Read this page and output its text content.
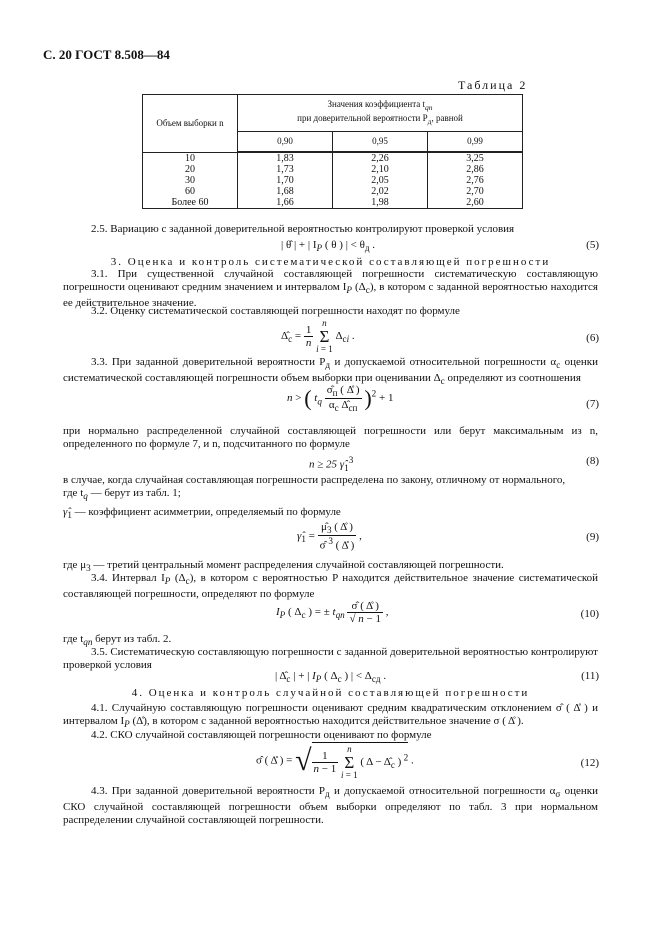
С. 20 ГОСТ 8.508—84
Таблица 2
Объем выборки n	Значения коэффициента $t_{qn}$
при доверительной вероятности $P_д$, равной		
	0,90	0,95	0,99
10	1,83	2,26	3,25
20	1,73	2,10	2,86
30	1,70	2,05	2,76
60	1,68	2,02	2,70
Более 60	1,66	1,98	2,60
2.5. Вариацию с заданной доверительной вероятностью контролируют проверкой условия
| θ̂ | + | $I_P$ ( θ ) | < $\theta_д$ .	(5)
3. Оценка и контроль систематической составляющей погрешности
3.1. При существенной случайной составляющей погрешности систематическую составляющую погрешности оценивают средним значением и интервалом $I_P$ $(\Delta_c)$, в котором с заданной вероятностью находится ее действительное значение.
3.2. Оценку систематической составляющей погрешности находят по формуле
$\Deltâ_c = \frac{1}{n}$
n
Σ
i = 1 $\Delta_{ci}$ .	(6)
3.3. При заданной доверительной вероятности $P_д$ и допускаемой относительной погрешности $\alpha_c$ оценки систематической составляющей погрешности объем выборки при оценивании $\Delta_c$ определяют из соотношения
n > ( $t_q \frac{\sigmâ_п ( \Deltå )}{\alpha_c \Deltâ_{cп}} )^2 + 1$	(7)
при нормально распределенной случайной составляющей погрешности или берут максимальным из n, определенного по формуле 7, и n, подсчитанного по формуле
n ≥ 25 $\gammâ_1^3$	(8)
в случае, когда случайная составляющая погрешности распределена по закону, отличному от нормального,
где $t_q$ — берут из табл. 1;
$\gammâ_1$ — коэффициент асимметрии, определяемый по формуле
$\gammâ_1 = \frac{\mû_3 ( \Deltå )}{\sigmâ ^3 ( \Deltå )}$ ,	(9)
где $\mu_3$ — третий центральный момент распределения случайной составляющей погрешности.
3.4. Интервал $I_P$ $(\Delta_c)$, в котором с вероятностью P находится действительное значение систематической составляющей погрешности, определяют по формуле
$I_P$ ( $\Delta_c$ ) = ± $t_{qn} \frac{\sigmâ ( \Deltå )}{√ n - 1}$ ,	(10)
где $t_{qn}$ берут из табл. 2.
3.5. Систематическую составляющую погрешности с заданной доверительной вероятностью контролируют проверкой условия
| $\Deltâ_c$ | + | $I_P$ ( $\Delta_c$ ) | < $\Delta_{cд}$ .	(11)
4. Оценка и контроль случайной составляющей погрешности
4.1. Случайную составляющую погрешности оценивают средним квадратическим отклонением σ̂ ( Δ̊ ) и интервалом $I_P$ (Δ̊), в котором с заданной вероятностью находится действительное значение σ ( Δ̊ ).
4.2. СКО случайной составляющей погрешности оценивают по формуле
σ̂ ( Δ̊ ) = √ $\frac{1}{n - 1}$
n
Σ
i = 1 ( $\Delta - \Deltâ_c$ ) $^2$ .	(12)
4.3. При заданной доверительной вероятности $P_д$ и допускаемой относительной погрешности $\alpha_\sigma$ оценки СКО случайной составляющей погрешности объем выборки определяют по табл. 3 при нормальном распределении случайной составляющей погрешности.
